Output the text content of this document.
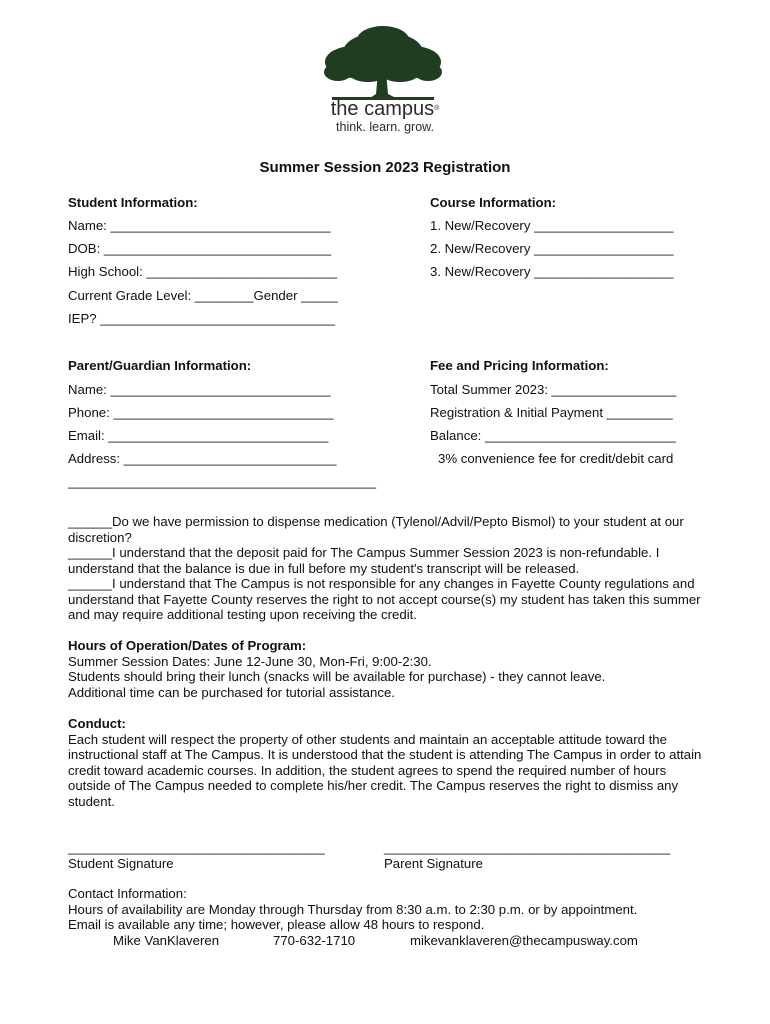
the campus®
think. learn. grow.
Summer Session 2023 Registration
Student Information:
Name: ______________________________
DOB: _______________________________
High School: __________________________
Current Grade Level: ________Gender _____
IEP? ________________________________
Course Information:
1. New/Recovery ___________________
2. New/Recovery ___________________
3. New/Recovery ___________________
Parent/Guardian Information:
Name: ______________________________
Phone: ______________________________
Email: ______________________________
Address: _____________________________
__________________________________________
Fee and Pricing Information:
Total Summer 2023: _________________
Registration & Initial Payment _________
Balance: __________________________
3% convenience fee for credit/debit card

______Do we have permission to dispense medication (Tylenol/Advil/Pepto Bismol) to your student at our discretion?

______I understand that the deposit paid for The Campus Summer Session 2023 is non-refundable. I understand that the balance is due in full before my student's transcript will be released.

______I understand that The Campus is not responsible for any changes in Fayette County regulations and understand that Fayette County reserves the right to not accept course(s) my student has taken this summer and may require additional testing upon receiving the credit.

Hours of Operation/Dates of Program:

Summer Session Dates: June 12-June 30, Mon-Fri, 9:00-2:30.

Students should bring their lunch (snacks will be available for purchase) - they cannot leave.

Additional time can be purchased for tutorial assistance.

Conduct:

Each student will respect the property of other students and maintain an acceptable attitude toward the instructional staff at The Campus. It is understood that the student is attending The Campus in order to attain credit toward academic courses. In addition, the student agrees to spend the required number of hours outside of The Campus needed to complete his/her credit. The Campus reserves the right to dismiss any student.

___________________________________
Student Signature
_______________________________________
Parent Signature

Contact Information:

Hours of availability are Monday through Thursday from 8:30 a.m. to 2:30 p.m. or by appointment.

Email is available any time; however, please allow 48 hours to respond.

Mike VanKlaveren	770-632-1710	mikevanklaveren@thecampusway.com
